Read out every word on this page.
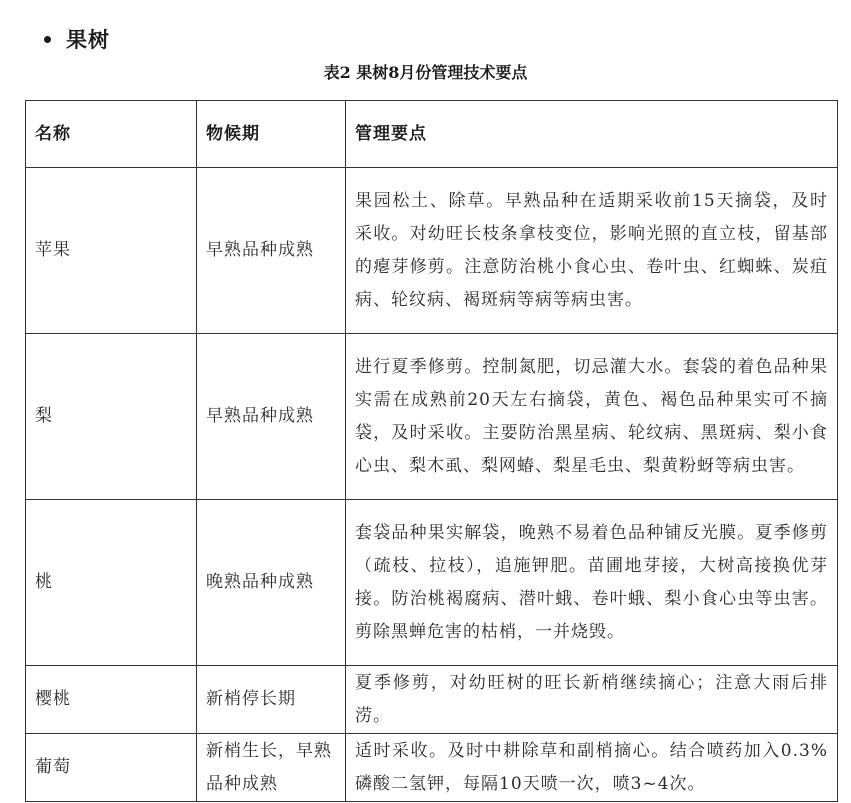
果树
表2 果树8月份管理技术要点
名称	物候期	管理要点
苹果	早熟品种成熟	果园松土、除草。早熟品种在适期采收前15天摘袋，及时采收。对幼旺长枝条拿枝变位，影响光照的直立枝，留基部的瘪芽修剪。注意防治桃小食心虫、卷叶虫、红蜘蛛、炭疽病、轮纹病、褐斑病等病等病虫害。
梨	早熟品种成熟	进行夏季修剪。控制氮肥，切忌灌大水。套袋的着色品种果实需在成熟前20天左右摘袋，黄色、褐色品种果实可不摘袋，及时采收。主要防治黑星病、轮纹病、黑斑病、梨小食心虫、梨木虱、梨网蝽、梨星毛虫、梨黄粉蚜等病虫害。
桃	晚熟品种成熟	套袋品种果实解袋，晚熟不易着色品种铺反光膜。夏季修剪（疏枝、拉枝），追施钾肥。苗圃地芽接，大树高接换优芽接。防治桃褐腐病、潜叶蛾、卷叶蛾、梨小食心虫等虫害。剪除黑蝉危害的枯梢，一并烧毁。
樱桃	新梢停长期	夏季修剪，对幼旺树的旺长新梢继续摘心；注意大雨后排涝。
葡萄	新梢生长，早熟品种成熟	适时采收。及时中耕除草和副梢摘心。结合喷药加入0.3%磷酸二氢钾，每隔10天喷一次，喷3~4次。
